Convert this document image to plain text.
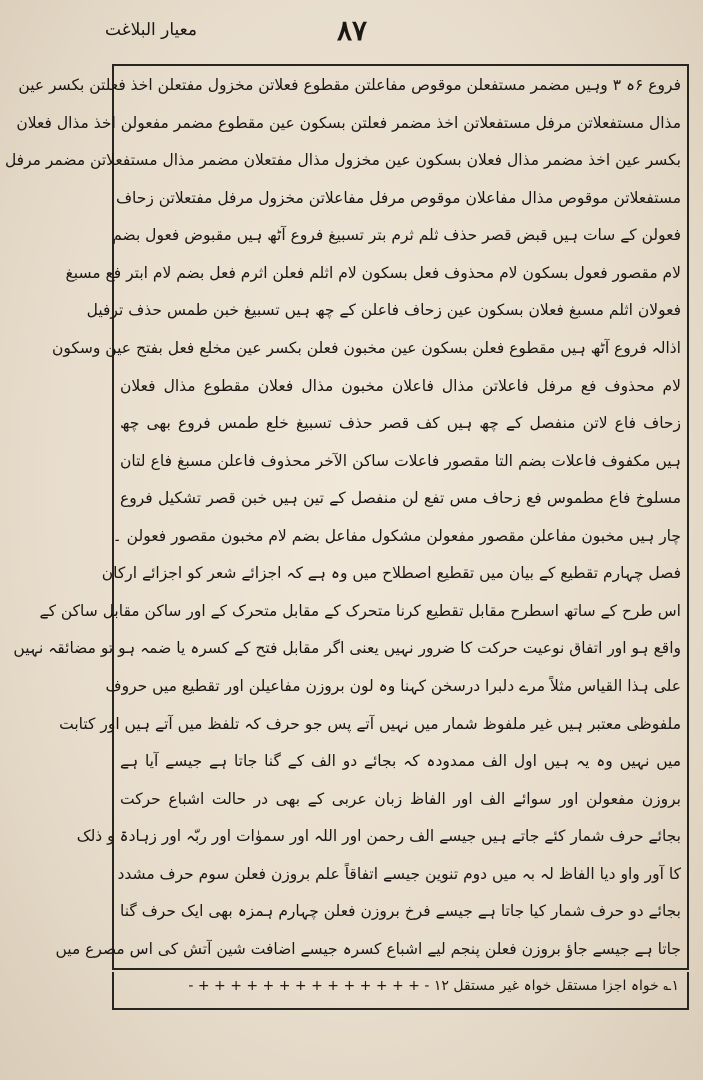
معیار البلاغت	۸۷
فروع ۶ہ ۳ وہیں مضمر مستفعلن موقوص مفاعلتن مقطوع فعلاتن مخزول مفتعلن اخذ فعلتن بکسر عین
مذال مستفعلاتن مرفل مستفعلاتن اخذ مضمر فعلتن بسکون عین مقطوع مضمر مفعولن اخذ مذال فعلان
بکسر عین اخذ مضمر مذال فعلان بسکون عین مخزول مذال مفتعلان مضمر مذال مستفعلاتن مضمر مرفل
مستفعلاتن موقوص مذال مفاعلان موقوص مرفل مفاعلاتن مخزول مرفل مفتعلاتن زحاف
فعولن کے سات ہیں قبض قصر حذف ثلم ثرم بتر تسبیغ فروع آٹھ ہیں مقبوض فعول بضم
لام مقصور فعول بسکون لام محذوف فعل بسکون لام اثلم فعلن اثرم فعل بضم لام ابتر فع مسبغ
فعولان اثلم مسبغ فعلان بسکون عین زحاف فاعلن کے چھ ہیں تسبیغ خبن طمس حذف ترفیل
اذالہ فروع آٹھ ہیں مقطوع فعلن بسکون عین مخبون فعلن بکسر عین مخلع فعل بفتح عین وسکون
لام محذوف فع مرفل فاعلاتن مذال فاعلان مخبون مذال فعلان مقطوع مذال فعلان
زحاف فاع لاتن منفصل کے چھ ہیں کف قصر حذف تسبیغ خلع طمس فروع بھی چھ
ہیں مکفوف فاعلات بضم التا مقصور فاعلات ساکن الآخر محذوف فاعلن مسبغ فاع لتان
مسلوخ فاع مطموس فع زحاف مس تفع لن منفصل کے تین ہیں خبن قصر تشکیل فروع
چار ہیں مخبون مفاعلن مقصور مفعولن مشکول مفاعل بضم لام مخبون مقصور فعولن ۔
فصل چہارم تقطیع کے بیان میں تقطیع اصطلاح میں وہ ہے کہ اجزائے شعر کو اجزائے ارکان
اس طرح کے ساتھ اسطرح مقابل تقطیع کرنا متحرک کے مقابل متحرک کے اور ساکن مقابل ساکن کے
واقع ہو اور اتفاق نوعیت حرکت کا ضرور نہیں یعنی اگر مقابل فتح کے کسرہ یا ضمہ ہو تو مضائقہ نہیں
علی ہذا القیاس مثلاً مرے دلبرا درسخن کہنا وہ لون بروزن مفاعیلن اور تقطیع میں حروف
ملفوظی معتبر ہیں غیر ملفوظ شمار میں نہیں آتے پس جو حرف کہ تلفظ میں آتے ہیں اور کتابت
میں نہیں وہ یہ ہیں اول الف ممدودہ کہ بجائے دو الف کے گنا جاتا ہے جیسے آیا ہے
بروزن مفعولن اور سوائے الف اور الفاظ زبان عربی کے بھی در حالت اشباع حرکت
بجائے حرف شمار کئے جاتے ہیں جیسے الف رحمن اور اللہ اور سموٰات اور ربّہ اور زہادۃ و ذلک
کا آور واو دیا الفاظ لہ بہ میں دوم تنوین جیسے اتفاقاً علم بروزن فعلن سوم حرف مشدد
بجائے دو حرف شمار کیا جاتا ہے جیسے فرخ بروزن فعلن چہارم ہمزہ بھی ایک حرف گنا
جاتا ہے جیسے جاؤ بروزن فعلن پنجم لیے اشباع کسرہ جیسے اضافت شین آتش کی اس مصرع میں
۱؎ خواہ اجزا مستقل خواہ غیر مستقل ۱۲ - + + + + + + + + + + + + + + -
